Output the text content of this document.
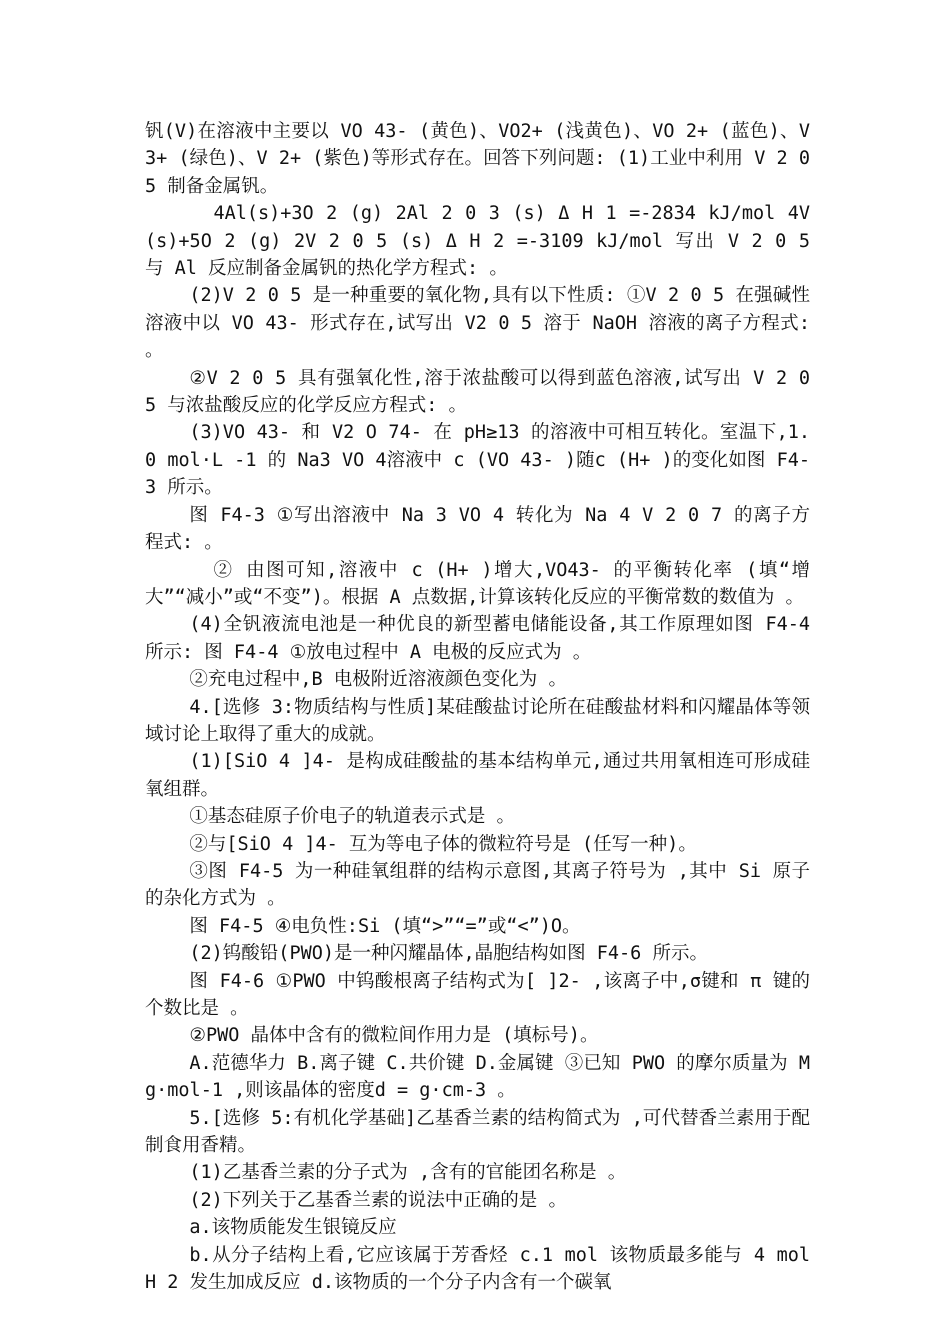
钒(V)在溶液中主要以 VO 43- (黄色)、VO2+ (浅黄色)、VO 2+ (蓝色)、V 3+ (绿色)、V 2+ (紫色)等形式存在。回答下列问题: (1)工业中利用 V 2 0 5 制备金属钒。

4Al(s)+3O 2 (g) 2Al 2 0 3 (s) Δ H 1 =-2834 kJ/mol 4V(s)+5O 2 (g) 2V 2 0 5 (s) Δ H 2 =-3109 kJ/mol 写出 V 2 0 5 与 Al 反应制备金属钒的热化学方程式: 。

(2)V 2 0 5 是一种重要的氧化物,具有以下性质: ①V 2 0 5 在强碱性溶液中以 VO 43- 形式存在,试写出 V2 0 5 溶于 NaOH 溶液的离子方程式: 。

②V 2 0 5 具有强氧化性,溶于浓盐酸可以得到蓝色溶液,试写出 V 2 0 5 与浓盐酸反应的化学反应方程式: 。

(3)VO 43- 和 V2 O 74- 在 pH≥13 的溶液中可相互转化。室温下,1.0 mol·L -1 的 Na3 VO 4溶液中 c (VO 43- )随c (H+ )的变化如图 F4-3 所示。

图 F4-3 ①写出溶液中 Na 3 VO 4 转化为 Na 4 V 2 0 7 的离子方程式: 。

② 由图可知,溶液中 c (H+ )增大,VO43- 的平衡转化率 (填“增大”“减小”或“不变”)。根据 A 点数据,计算该转化反应的平衡常数的数值为 。

(4)全钒液流电池是一种优良的新型蓄电储能设备,其工作原理如图 F4-4 所示: 图 F4-4 ①放电过程中 A 电极的反应式为 。

②充电过程中,B 电极附近溶液颜色变化为 。

4.[选修 3:物质结构与性质]某硅酸盐讨论所在硅酸盐材料和闪耀晶体等领域讨论上取得了重大的成就。

(1)[SiO 4 ]4- 是构成硅酸盐的基本结构单元,通过共用氧相连可形成硅氧组群。

①基态硅原子价电子的轨道表示式是 。

②与[SiO 4 ]4- 互为等电子体的微粒符号是 (任写一种)。

③图 F4-5 为一种硅氧组群的结构示意图,其离子符号为 ,其中 Si 原子的杂化方式为 。

图 F4-5 ④电负性:Si (填“>”“=”或“<”)O。

(2)钨酸铅(PWO)是一种闪耀晶体,晶胞结构如图 F4-6 所示。

图 F4-6 ①PWO 中钨酸根离子结构式为[ ]2- ,该离子中,σ键和 π 键的个数比是 。

②PWO 晶体中含有的微粒间作用力是 (填标号)。

A.范德华力 B.离子键 C.共价键 D.金属键 ③已知 PWO 的摩尔质量为 M g·mol-1 ,则该晶体的密度d = g·cm-3 。

5.[选修 5:有机化学基础]乙基香兰素的结构简式为 ,可代替香兰素用于配制食用香精。

(1)乙基香兰素的分子式为 ,含有的官能团名称是 。

(2)下列关于乙基香兰素的说法中正确的是 。

a.该物质能发生银镜反应

b.从分子结构上看,它应该属于芳香烃 c.1 mol 该物质最多能与 4 mol H 2 发生加成反应 d.该物质的一个分子内含有一个碳氧
